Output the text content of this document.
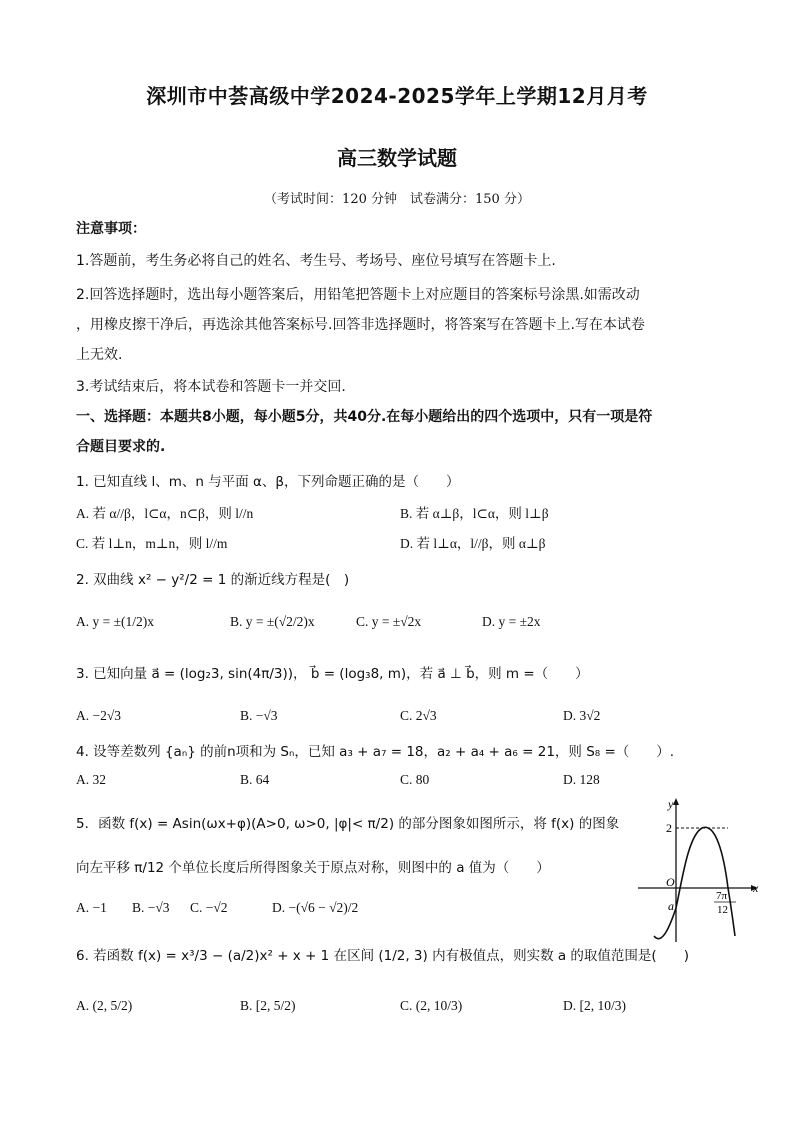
深圳市中荟高级中学2024-2025学年上学期12月月考
高三数学试题
（考试时间：120 分钟　试卷满分：150 分）
注意事项：
1.答题前，考生务必将自己的姓名、考生号、考场号、座位号填写在答题卡上.
2.回答选择题时，选出每小题答案后，用铅笔把答题卡上对应题目的答案标号涂黑.如需改动
，用橡皮擦干净后，再选涂其他答案标号.回答非选择题时，将答案写在答题卡上.写在本试卷
上无效.
3.考试结束后，将本试卷和答题卡一并交回.
一、选择题：本题共8小题，每小题5分，共40分.在每小题给出的四个选项中，只有一项是符
合题目要求的.
1. 已知直线 l、m、n 与平面 α、β，下列命题正确的是（　　）
A. 若 α//β，l⊂α，n⊂β，则 l//n	B. 若 α⊥β，l⊂α，则 l⊥β
C. 若 l⊥n，m⊥n，则 l//m	D. 若 l⊥α，l//β，则 α⊥β
2. 双曲线 x² − y²/2 = 1 的渐近线方程是(　)
A. y = ±(1/2)x	B. y = ±(√2/2)x	C. y = ±√2x	D. y = ±2x
3. 已知向量 a⃗ = (log₂3, sin(4π/3))， b⃗ = (log₃8, m)，若 a⃗ ⊥ b⃗，则 m =（　　）
A. −2√3	B. −√3	C. 2√3	D. 3√2
4. 设等差数列 {aₙ} 的前n项和为 Sₙ，已知 a₃ + a₇ = 18，a₂ + a₄ + a₆ = 21，则 S₈ =（　　）.
A. 32	B. 64	C. 80	D. 128
5．函数 f(x) = Asin(ωx+φ)(A>0, ω>0, |φ|< π/2) 的部分图象如图所示，将 f(x) 的图象
向左平移 π/12 个单位长度后所得图象关于原点对称，则图中的 a 值为（　　）
A. −1 B. −√3 C. −√2	D. −(√6 − √2)/2
y
x
2
O
a
7π
12
6. 若函数 f(x) = x³/3 − (a/2)x² + x + 1 在区间 (1/2, 3) 内有极值点，则实数 a 的取值范围是(　　)
A. (2, 5/2)	B. [2, 5/2)	C. (2, 10/3)	D. [2, 10/3)
